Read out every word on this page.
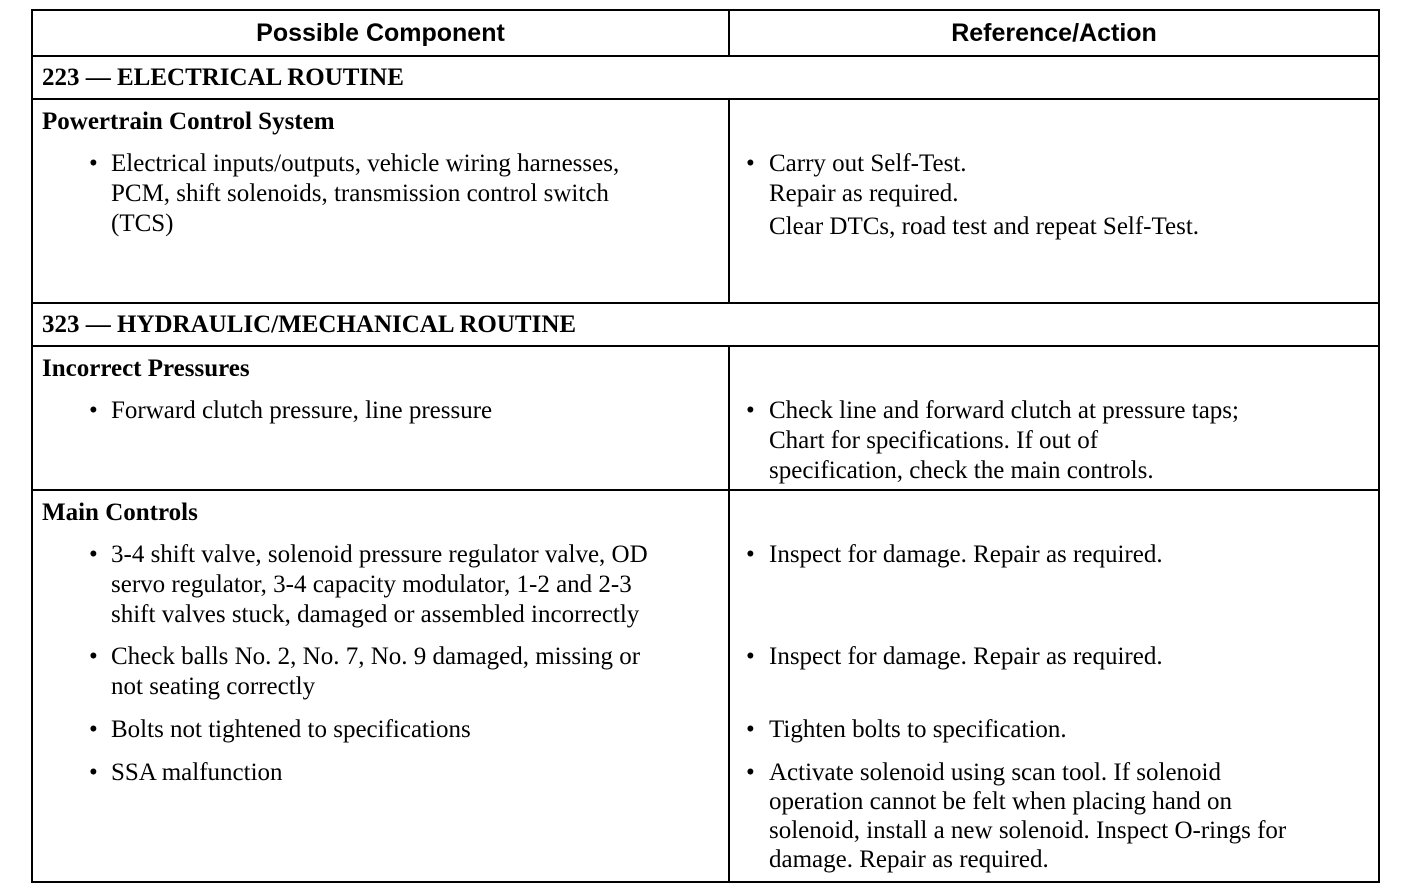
Possible Component	Reference/Action
223 — ELECTRICAL ROUTINE
Powertrain Control System
• Electrical inputs/outputs, vehicle wiring harnesses,
PCM, shift solenoids, transmission control switch
(TCS)
• Carry out Self-Test.
Repair as required.
Clear DTCs, road test and repeat Self-Test.
323 — HYDRAULIC/MECHANICAL ROUTINE
Incorrect Pressures
• Forward clutch pressure, line pressure	• Check line and forward clutch at pressure taps;
Chart for specifications. If out of
specification, check the main controls.
Main Controls
• 3-4 shift valve, solenoid pressure regulator valve, OD
servo regulator, 3-4 capacity modulator, 1-2 and 2-3
shift valves stuck, damaged or assembled incorrectly
• Check balls No. 2, No. 7, No. 9 damaged, missing or
not seating correctly
• Bolts not tightened to specifications
• SSA malfunction
• Inspect for damage. Repair as required.
• Inspect for damage. Repair as required.
• Tighten bolts to specification.
• Activate solenoid using scan tool. If solenoid
operation cannot be felt when placing hand on
solenoid, install a new solenoid. Inspect O-rings for
damage. Repair as required.
